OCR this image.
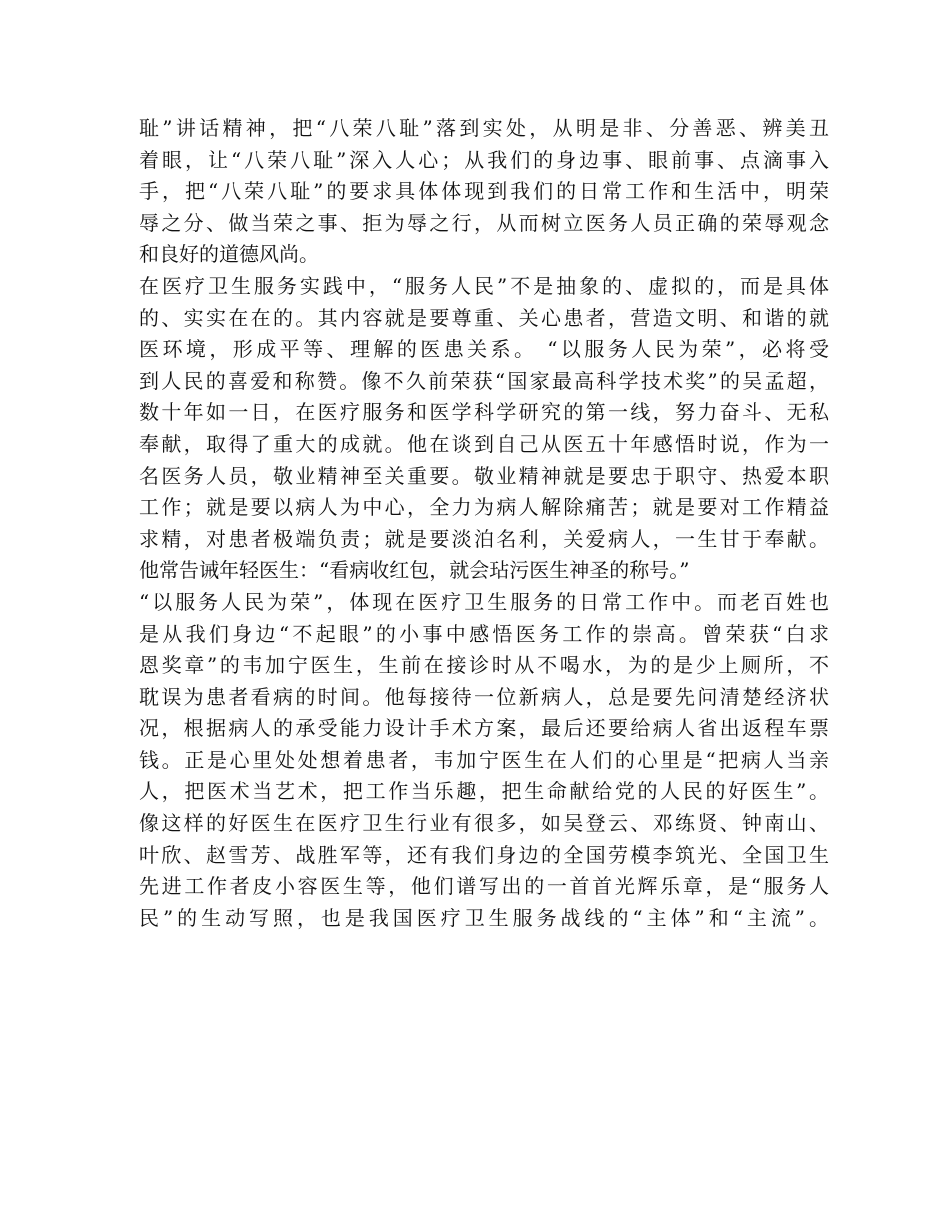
耻”讲话精神，把“八荣八耻”落到实处，从明是非、分善恶、辨美丑
着眼，让“八荣八耻”深入人心；从我们的身边事、眼前事、点滴事入
手，把“八荣八耻”的要求具体体现到我们的日常工作和生活中，明荣
辱之分、做当荣之事、拒为辱之行，从而树立医务人员正确的荣辱观念
和良好的道德风尚。
在医疗卫生服务实践中，“服务人民”不是抽象的、虚拟的，而是具体
的、实实在在的。其内容就是要尊重、关心患者，营造文明、和谐的就
医环境，形成平等、理解的医患关系。 “以服务人民为荣”，必将受
到人民的喜爱和称赞。像不久前荣获“国家最高科学技术奖”的吴孟超，
数十年如一日，在医疗服务和医学科学研究的第一线，努力奋斗、无私
奉献，取得了重大的成就。他在谈到自己从医五十年感悟时说，作为一
名医务人员，敬业精神至关重要。敬业精神就是要忠于职守、热爱本职
工作；就是要以病人为中心，全力为病人解除痛苦；就是要对工作精益
求精，对患者极端负责；就是要淡泊名利，关爱病人，一生甘于奉献。
他常告诫年轻医生：“看病收红包，就会玷污医生神圣的称号。”
“以服务人民为荣”，体现在医疗卫生服务的日常工作中。而老百姓也
是从我们身边“不起眼”的小事中感悟医务工作的崇高。曾荣获“白求
恩奖章”的韦加宁医生，生前在接诊时从不喝水，为的是少上厕所，不
耽误为患者看病的时间。他每接待一位新病人，总是要先问清楚经济状
况，根据病人的承受能力设计手术方案，最后还要给病人省出返程车票
钱。正是心里处处想着患者，韦加宁医生在人们的心里是“把病人当亲
人，把医术当艺术，把工作当乐趣，把生命献给党的人民的好医生”。
像这样的好医生在医疗卫生行业有很多，如吴登云、邓练贤、钟南山、
叶欣、赵雪芳、战胜军等，还有我们身边的全国劳模李筑光、全国卫生
先进工作者皮小容医生等，他们谱写出的一首首光辉乐章，是“服务人
民”的生动写照，也是我国医疗卫生服务战线的“主体”和“主流”。
